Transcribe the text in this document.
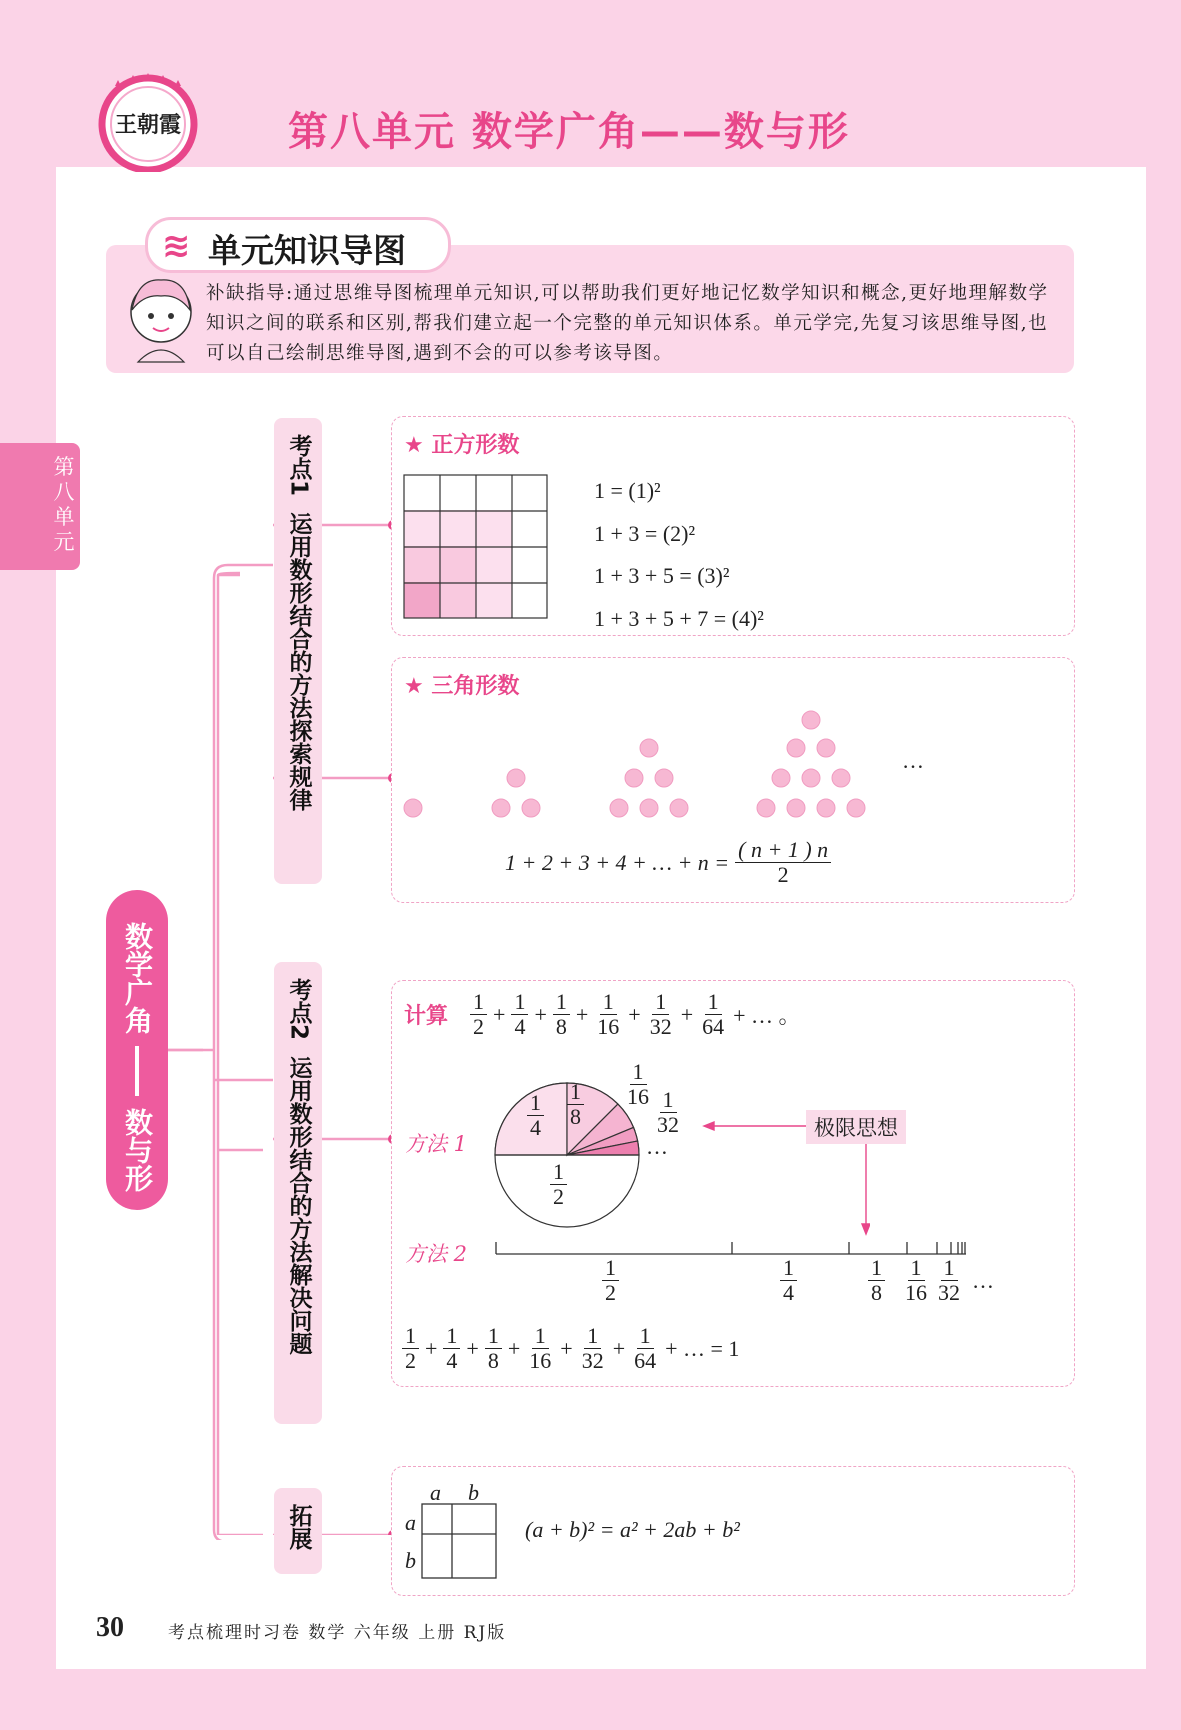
王朝霞	第八单元 数学广角——数与形
第
八
单
元
≋ 单元知识导图
补缺指导:通过思维导图梳理单元知识,可以帮助我们更好地记忆数学知识和概念,更好地理解数学知识之间的联系和区别,帮我们建立起一个完整的单元知识体系。单元学完,先复习该思维导图,也可以自己绘制思维导图,遇到不会的可以参考该导图。
数学广角
数与形
考点1
运用数形结合的方法探索规律
考点2
运用数形结合的方法解决问题
拓展
★ 正方形数
1 = (1)²
1 + 3 = (2)²
1 + 3 + 5 = (3)²
1 + 3 + 5 + 7 = (4)²
★ 三角形数
…
1 + 2 + 3 + 4 + … + $n = \frac{( n + 1 ) n}{2}$
计算 $\frac{1}{2} + \frac{1}{4} + \frac{1}{8} + \frac{1}{16} + \frac{1}{32} + \frac{1}{64}$ + … 。
方法 1
$\frac{1}{4} \frac{1}{8} \frac{1}{16}$
$\frac{1}{32}$
…
$\frac{1}{2}$
极限思想
方法 2
$\frac{1}{2}$	$\frac{1}{4}$	$\frac{1}{8} \frac{1}{16} \frac{1}{32}$ …
$\frac{1}{2} + \frac{1}{4} + \frac{1}{8} + \frac{1}{16} + \frac{1}{32} + \frac{1}{64}$ + … = 1
a b
a
b
(a + b)² = a² + 2ab + b²
30	考点梳理时习卷 数学 六年级 上册 RJ版
